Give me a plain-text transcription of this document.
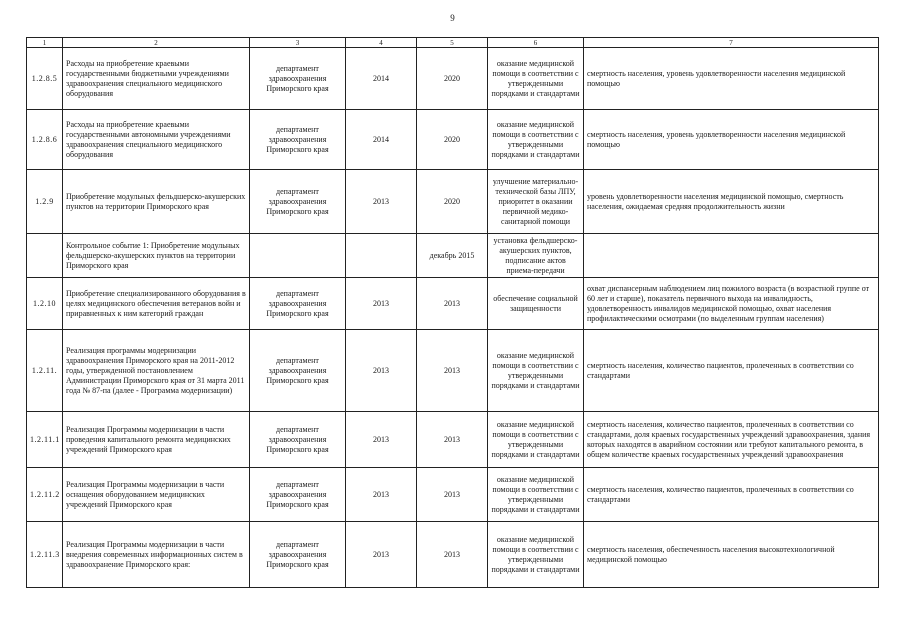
9
1	2	3	4	5	6	7
1.2.8.5	Расходы на приобретение краевыми государственными бюджетными учреждениями здравоохранения специального медицинского оборудования	департамент здравоохранения Приморского края	2014	2020	оказание медицинской помощи в соответствии с утвержденными порядками и стандартами	смертность населения, уровень удовлетворенности населения медицинской помощью
1.2.8.6	Расходы на приобретение краевыми государственными автономными учреждениями здравоохранения специального медицинского оборудования	департамент здравоохранения Приморского края	2014	2020	оказание медицинской помощи в соответствии с утвержденными порядками и стандартами	смертность населения, уровень удовлетворенности населения медицинской помощью
1.2.9	Приобретение модульных фельдшерско-акушерских пунктов на территории Приморского края	департамент здравоохранения Приморского края	2013	2020	улучшение материально-технической базы ЛПУ, приоритет в оказании первичной медико-санитарной помощи	уровень удовлетворенности населения медицинской помощью, смертность населения, ожидаемая средняя продолжительность жизни
	Контрольное событие 1: Приобретение модульных фельдшерско-акушерских пунктов на территории Приморского края			декабрь 2015	установка фельдшерско-акушерских пунктов, подписание актов приема-передачи	
1.2.10	Приобретение специализированного оборудования в целях медицинского обеспечения ветеранов войн и приравненных к ним категорий граждан	департамент здравоохранения Приморского края	2013	2013	обеспечение социальной защищенности	охват диспансерным наблюдением лиц пожилого возраста (в возрастной группе от 60 лет и старше), показатель первичного выхода на инвалидность, удовлетворенность инвалидов медицинской помощью, охват населения профилактическими осмотрами (по выделенным группам населения)
1.2.11.	Реализация программы модернизации здравоохранения Приморского края на 2011-2012 годы, утвержденной постановлением Администрации Приморского края от 31 марта 2011 года № 87-па (далее - Программа модернизации)	департамент здравоохранения Приморского края	2013	2013	оказание медицинской помощи в соответствии с утвержденными порядками и стандартами	смертность населения, количество пациентов, пролеченных в соответствии со стандартами
1.2.11.1	Реализация Программы модернизации в части проведения капитального ремонта медицинских учреждений Приморского края	департамент здравоохранения Приморского края	2013	2013	оказание медицинской помощи в соответствии с утвержденными порядками и стандартами	смертность населения, количество пациентов, пролеченных в соответствии со стандартами, доля краевых государственных учреждений здравоохранения, здания которых находятся в аварийном состоянии или требуют капитального ремонта, в общем количестве краевых государственных учреждений здравоохранения
1.2.11.2	Реализация Программы модернизации в части оснащения оборудованием медицинских учреждений Приморского края	департамент здравоохранения Приморского края	2013	2013	оказание медицинской помощи в соответствии с утвержденными порядками и стандартами	смертность населения, количество пациентов, пролеченных в соответствии со стандартами
1.2.11.3	Реализация Программы модернизации в части внедрения современных информационных систем в здравоохранение Приморского края:	департамент здравоохранения Приморского края	2013	2013	оказание медицинской помощи в соответствии с утвержденными порядками и стандартами	смертность населения, обеспеченность населения высокотехнологичной медицинской помощью
